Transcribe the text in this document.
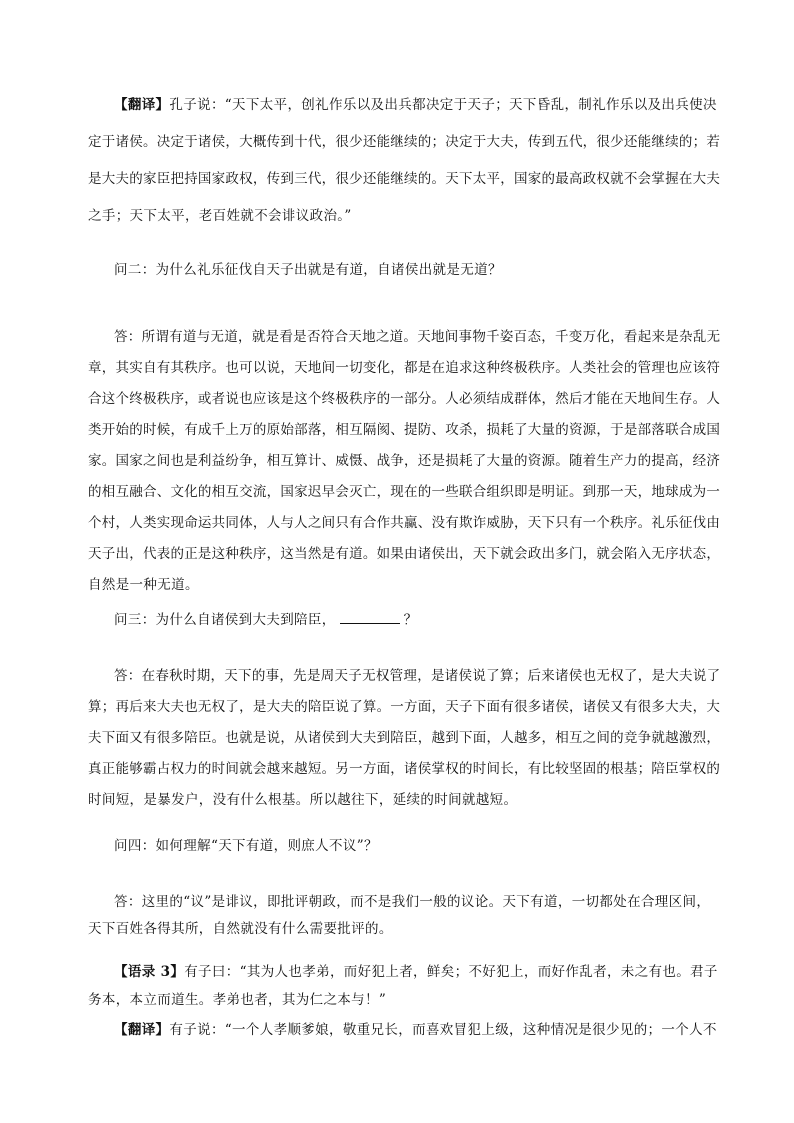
【翻译】孔子说：“天下太平，创礼作乐以及出兵都决定于天子；天下昏乱，制礼作乐以及出兵使决
定于诸侯。决定于诸侯，大概传到十代，很少还能继续的；决定于大夫，传到五代，很少还能继续的；若
是大夫的家臣把持国家政权，传到三代，很少还能继续的。天下太平，国家的最高政权就不会掌握在大夫
之手；天下太平，老百姓就不会诽议政治。”
问二：为什么礼乐征伐自天子出就是有道，自诸侯出就是无道？
答：所谓有道与无道，就是看是否符合天地之道。天地间事物千姿百态，千变万化，看起来是杂乱无
章，其实自有其秩序。也可以说，天地间一切变化，都是在追求这种终极秩序。人类社会的管理也应该符
合这个终极秩序，或者说也应该是这个终极秩序的一部分。人必须结成群体，然后才能在天地间生存。人
类开始的时候，有成千上万的原始部落，相互隔阂、提防、攻杀，损耗了大量的资源，于是部落联合成国
家。国家之间也是利益纷争，相互算计、威慑、战争，还是损耗了大量的资源。随着生产力的提高，经济
的相互融合、文化的相互交流，国家迟早会灭亡，现在的一些联合组织即是明证。到那一天，地球成为一
个村，人类实现命运共同体，人与人之间只有合作共赢、没有欺诈威胁，天下只有一个秩序。礼乐征伐由
天子出，代表的正是这种秩序，这当然是有道。如果由诸侯出，天下就会政出多门，就会陷入无序状态，
自然是一种无道。
问三：为什么自诸侯到大夫到陪臣，	？
答：在春秋时期，天下的事，先是周天子无权管理，是诸侯说了算；后来诸侯也无权了，是大夫说了
算；再后来大夫也无权了，是大夫的陪臣说了算。一方面，天子下面有很多诸侯，诸侯又有很多大夫，大
夫下面又有很多陪臣。也就是说，从诸侯到大夫到陪臣，越到下面，人越多，相互之间的竞争就越激烈，
真正能够霸占权力的时间就会越来越短。另一方面，诸侯掌权的时间长，有比较坚固的根基；陪臣掌权的
时间短，是暴发户，没有什么根基。所以越往下，延续的时间就越短。
问四：如何理解“天下有道，则庶人不议”？
答：这里的“议”是诽议，即批评朝政，而不是我们一般的议论。天下有道，一切都处在合理区间，
天下百姓各得其所，自然就没有什么需要批评的。
【语录 3】有子曰：“其为人也孝弟，而好犯上者，鲜矣；不好犯上，而好作乱者，未之有也。君子
务本，本立而道生。孝弟也者，其为仁之本与！”
【翻译】有子说：“一个人孝顺爹娘，敬重兄长，而喜欢冒犯上级，这种情况是很少见的；一个人不
